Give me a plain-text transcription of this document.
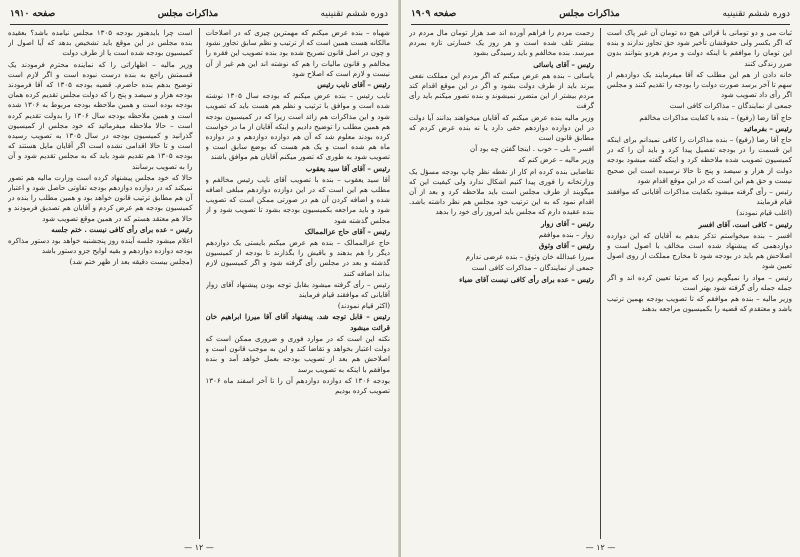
دوره ششم تقنینیه
مذاکرات مجلس
صفحه ۱۹۱۰

شهباه – بنده عرض میکنم که مهمترین چیزی که در اصلاحات مالکانه هست همین است که از ترتیب و نظم سابق تجاوز نشود و چون در اصل قانون تصریح شده بود بنده تصویب این فقره را مخالفم و قانون مالیات را هم که نوشته اند این هم غیر از آن نیست و لازم است که اصلاح شود

رئیس – آقای نایب رئیس

نایب رئیس – بنده عرض میکنم که بودجه سال ۱۳۰۵ نوشته شده است و موافق با ترتیب و نظم هم هست باید که تصویب شود و این مذاکرات هم زائد است زیرا که در کمیسیون بودجه هم همین مطلب را توضیح دادیم و اینکه آقایان از ما در خواست کرده بودند معلوم شد که آن هم دوازده دوازدهم و در دوازده ماه هم شده است و یک هم هست که بوضع سابق است و تصویب شود به طوری که تصور میکنم آقایان هم موافق باشند

رئیس – آقای آقا سید یعقوب

آقا سید یعقوب – بنده با تصویب آقای نایب رئیس مخالفم و مطلب هم این است که در این دوازده دوازدهم مبلغی اضافه شده و اضافه کردن آن هم در صورتی ممکن است که تصویب شود و باید مراجعه بکمیسیون بودجه بشود تا تصویب شود و از مجلس گذشته شود

رئیس – آقای حاج عزالممالک

حاج عزالممالک – بنده هم عرض میکنم بایستی یک دوازدهم دیگر را هم بدهند و باقیش را بگذارند تا بودجه از کمیسیون گذشته و بعد در مجلس رأی گرفته شود و اگر کمیسیون لازم بداند اضافه کنند

رئیس – رأی گرفته میشود بقابل توجه بودن پیشنهاد آقای زوار آقایانی که موافقند قیام فرمایند

(اکثر قیام نمودند)

رئیس – قابل توجه شد. پیشنهاد آقای آقا میرزا ابراهیم خان قرائت میشود

نکته این است که در موارد فوری و ضروری ممکن است که دولت اعتبار بخواهد و تقاضا کند و این به موجب قانون است و اصلاحش هم بعد از تصویب بودجه بعمل خواهد آمد و بنده موافقم با اینکه به تصویب برسد

بودجه ۱۳۰۶ که دوازده دوازدهم آن را تا آخر اسفند ماه ۱۳۰۶ تصویب کرده بودیم

است چرا بایدهنوز بودجه ۱۳۰۵ مجلس نیامده باشد؟ بعقیده بنده مجلس در این موقع باید تشخیص بدهد که آیا اصول از کمیسیون بودجه شده است یا از طرف دولت

وزیر مالیه – اظهاراتی را که نماینده محترم فرمودند یک قسمتش راجع به بنده درست نبوده است و اگر لازم است توضیح بدهم بنده حاضرم. قضیه بودجه ۱۳۰۵ که آقا فرمودند بودجه هزار و سیصد و پنج را که دولت مجلس تقدیم کرده همان بودجه بوده است و همین ملاحظه بودجه مربوط به ۱۳۰۶ شده است و همین ملاحظه بودجه سال ۱۳۰۶ را بدولت تقدیم کرده است – حالا ملاحظه میفرمائید که خود مجلس از کمیسیون گذرانید و کمیسیون بودجه در سال ۱۳۰۵ به تصویب رسیده است و تا حالا اقدامی نشده است اگر آقایان مایل هستند که بودجه ۱۳۰۵ هم تقدیم شود باید که به مجلس تقدیم شود و آن را به تصویب برسانند

حالا که خود مجلس پیشنهاد کرده است وزارت مالیه هم تصور نمیکند که در دوازده دوازدهم بودجه تفاوتی حاصل شود و اعتبار آن هم مطابق ترتیب قانون خواهد بود و همین مطلب را بنده در کمیسیون بودجه هم عرض کردم و آقایان هم تصدیق فرمودند و حالا هم معتقد هستم که در همین موقع تصویب شود

رئیس – عده برای رأی کافی نیست . ختم جلسه

اعلام میشود جلسه آینده روز پنجشنبه خواهد بود دستور مذاکره بودجه دوازده دوازدهم و بقیه لوایح جزو دستور باشد

(مجلس بیست دقیقه بعد از ظهر ختم شد)

— ۱۲ —
دوره ششم تقنینیه
مذاکرات مجلس
صفحه ۱۹۰۹

ثبات می و دو تومانی با قرائی هیچ ده تومان آن غیر پاک است که اگر بکسر ولی حقوقشان تأخیر شود حق تجاوز ندارند و بنده این تومان را موافقم با اینکه دولت و مردم هردو بتوانند بدون ضرر زندگی کنند

خانه دادن از هم این مطلب که آقا میفرمایند یک دوازدهم از سهم تا آخر برسد صورت دولت را بودجه را تقدیم کنند و مجلس اگر رأی داد تصویب شود

جمعی از نمایندگان – مذاکرات کافی است

حاج آقا رضا (رفیع) – بنده با کفایت مذاکرات مخالفم

رئیس – بفرمائید

حاج آقا رضا (رفیع) – بنده مذاکرات را کافی نمیدانم برای اینکه این قسمت را در بودجه تفصیل پیدا کرد و باید آن را که در کمیسیون تصویب شده ملاحظه کرد و اینکه گفته میشود بودجه دولت از هزار و سیصد و پنج تا حالا نرسیده است این صحیح نیست و حق هم این است که در این موقع اقدام شود

رئیس – رأی گرفته میشود بکفایت مذاکرات آقایانی که موافقند قیام فرمایند

(اغلب قیام نمودند)

رئیس – کافی است. آقای افسر

افسر – بنده میخواستم تذکر بدهم به آقایان که این دوازده دوازدهمی که پیشنهاد شده است مخالف با اصول است و اصلاحش هم باید در بودجه شود تا مخارج مملکت از روی اصول تعیین شود

رئیس – مواد را نمیگویم زیرا که مرتبا تعیین کرده اند و اگر جمله جمله رأی گرفته شود بهتر است

وزیر مالیه – بنده هم موافقم که تا تصویب بودجه بهمین ترتیب باشد و معتقدم که قضیه را بکمیسیون مراجعه بدهند

زحمت مردم را فراهم آورده اند صد هزار تومان مال مردم در بیشتر تلف شده است و هر روز یک خسارتی تازه بمردم میرسد. بنده مخالفم و باید رسیدگی بشود

رئیس – آقای یاسائی

یاسائی – بنده هم عرض میکنم که اگر مردم این مملکت نفعی ببرند باید از طرف دولت بشود و اگر در این موقع اقدام کند مردم بیشتر از این متضرر نمیشوند و بنده تصور میکنم باید رأی گرفت

وزیر مالیه بنده عرض میکنم که آقایان میخواهند بدانند آیا دولت در این دوازده دوازدهم حقی دارد یا نه بنده عرض کردم که مطابق قانون است

افسر – بلی – خوب . اینجا گفتن چه بود آن

وزیر مالیه – عرض کنم که

تقاضایی بنده کرده ام کار از نقطه نظر چاپ بودجه مسؤل یک وزارتخانه را فوری پیدا کنیم اشکال ندارد ولی کیفیت این که میگویند از طرف مجلس است باید ملاحظه کرد و بعد از آن اقدام نمود که به این ترتیب خود مجلس هم نظر داشته باشد. بنده عقیده دارم که مجلس باید امروز رأی خود را بدهد

رئیس – آقای زوار

زوار – بنده موافقم

رئیس – آقای وثوق

میرزا عبدالله خان وثوق – بنده عرضی ندارم

جمعی از نمایندگان – مذاکرات کافی است

رئیس – عده برای رأی کافی نیست آقای ضیاء

— ۱۲ —
